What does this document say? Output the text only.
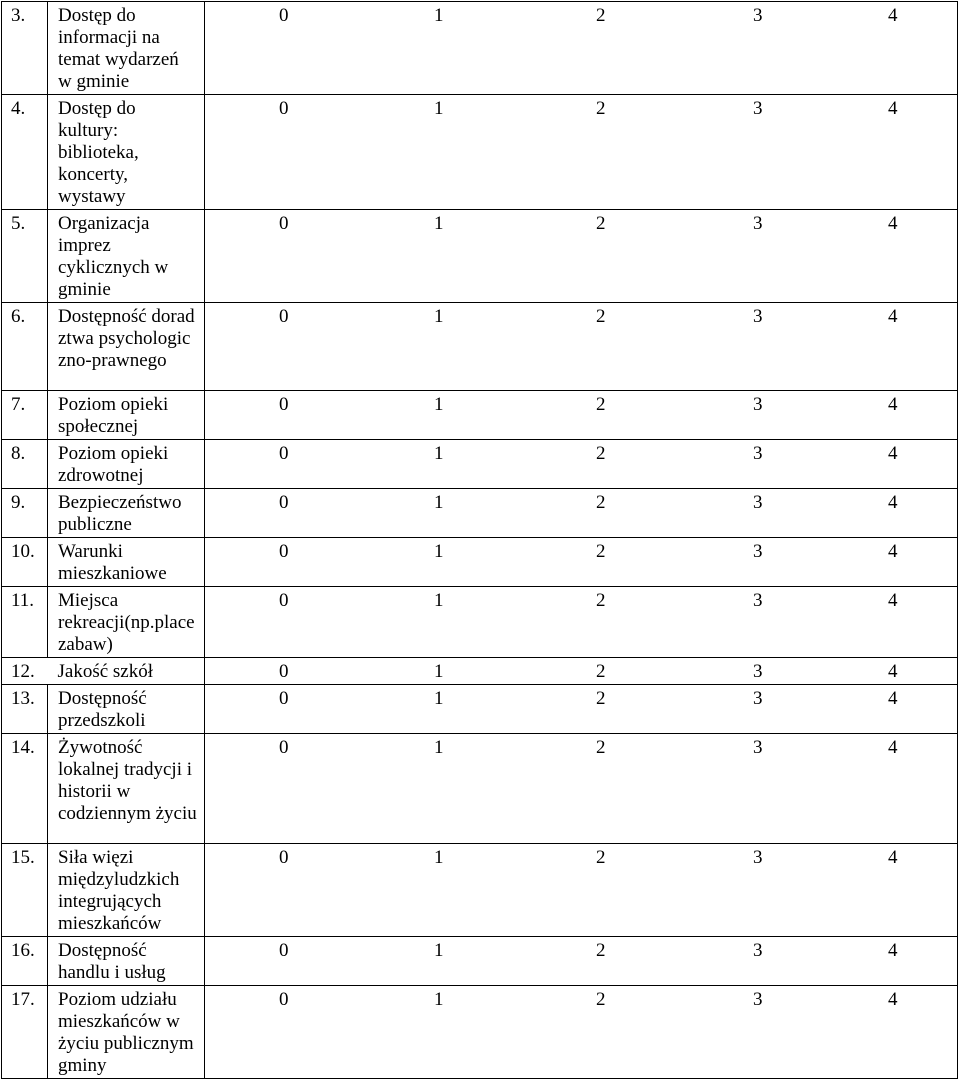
3.	Dostęp do informacji na temat wydarzeń w gminie	0 1 2 3 4

4.	Dostęp do kultury: biblioteka, koncerty, wystawy	0 1 2 3 4

5.	Organizacja imprez cyklicznych w gminie	0 1 2 3 4

6.	Dostępność doradztwa psychologiczno-prawnego	0 1 2 3 4

7.	Poziom opieki społecznej	0 1 2 3 4

8.	Poziom opieki zdrowotnej	0 1 2 3 4

9.	Bezpieczeństwo publiczne	0 1 2 3 4

10.	Warunki mieszkaniowe	0 1 2 3 4

11.	Miejsca rekreacji(np.place zabaw)	0 1 2 3 4

12.	Jakość szkół	0 1 2 3 4

13.	Dostępność przedszkoli	0 1 2 3 4

14.	Żywotność lokalnej tradycji i historii w codziennym życiu	0 1 2 3 4

15.	Siła więzi międzyludzkich integrujących mieszkańców	0 1 2 3 4

16.	Dostępność handlu i usług	0 1 2 3 4

17.	Poziom udziału mieszkańców w życiu publicznym gminy	0 1 2 3 4
